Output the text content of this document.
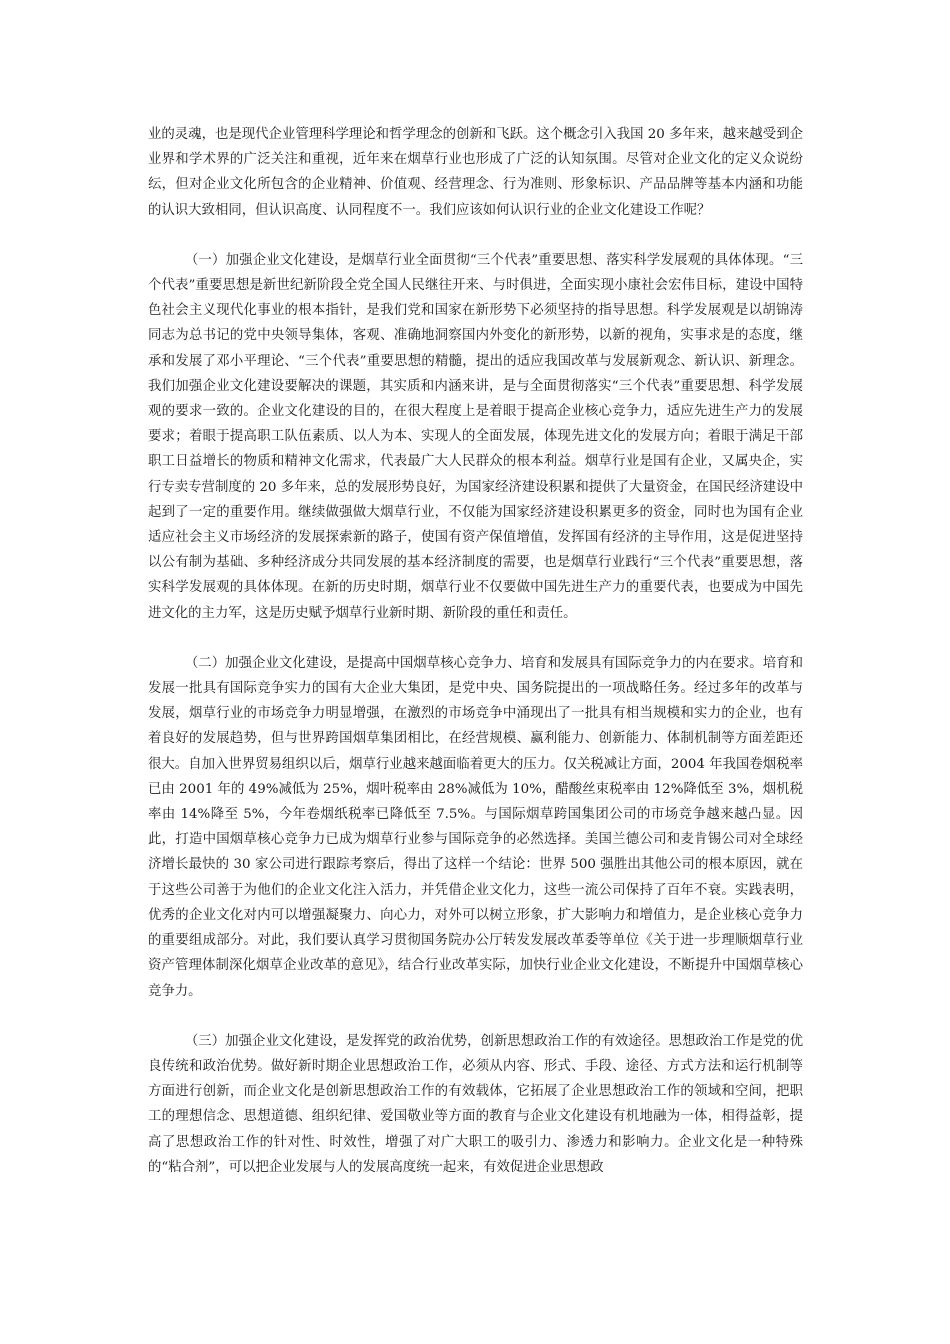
业的灵魂，也是现代企业管理科学理论和哲学理念的创新和飞跃。这个概念引入我国 20 多年来，越来越受到企业界和学术界的广泛关注和重视，近年来在烟草行业也形成了广泛的认知氛围。尽管对企业文化的定义众说纷纭，但对企业文化所包含的企业精神、价值观、经营理念、行为准则、形象标识、产品品牌等基本内涵和功能的认识大致相同，但认识高度、认同程度不一。我们应该如何认识行业的企业文化建设工作呢？

（一）加强企业文化建设，是烟草行业全面贯彻“三个代表”重要思想、落实科学发展观的具体体现。“三个代表”重要思想是新世纪新阶段全党全国人民继往开来、与时俱进，全面实现小康社会宏伟目标，建设中国特色社会主义现代化事业的根本指针，是我们党和国家在新形势下必须坚持的指导思想。科学发展观是以胡锦涛同志为总书记的党中央领导集体，客观、准确地洞察国内外变化的新形势，以新的视角，实事求是的态度，继承和发展了邓小平理论、“三个代表”重要思想的精髓，提出的适应我国改革与发展新观念、新认识、新理念。我们加强企业文化建设要解决的课题，其实质和内涵来讲，是与全面贯彻落实“三个代表”重要思想、科学发展观的要求一致的。企业文化建设的目的，在很大程度上是着眼于提高企业核心竞争力，适应先进生产力的发展要求；着眼于提高职工队伍素质、以人为本、实现人的全面发展，体现先进文化的发展方向；着眼于满足干部职工日益增长的物质和精神文化需求，代表最广大人民群众的根本利益。烟草行业是国有企业，又属央企，实行专卖专营制度的 20 多年来，总的发展形势良好，为国家经济建设积累和提供了大量资金，在国民经济建设中起到了一定的重要作用。继续做强做大烟草行业，不仅能为国家经济建设积累更多的资金，同时也为国有企业适应社会主义市场经济的发展探索新的路子，使国有资产保值增值，发挥国有经济的主导作用，这是促进坚持以公有制为基础、多种经济成分共同发展的基本经济制度的需要，也是烟草行业践行“三个代表”重要思想，落实科学发展观的具体体现。在新的历史时期，烟草行业不仅要做中国先进生产力的重要代表，也要成为中国先进文化的主力军，这是历史赋予烟草行业新时期、新阶段的重任和责任。

（二）加强企业文化建设，是提高中国烟草核心竞争力、培育和发展具有国际竞争力的内在要求。培育和发展一批具有国际竞争实力的国有大企业大集团，是党中央、国务院提出的一项战略任务。经过多年的改革与发展，烟草行业的市场竞争力明显增强，在激烈的市场竞争中涌现出了一批具有相当规模和实力的企业，也有着良好的发展趋势，但与世界跨国烟草集团相比，在经营规模、赢利能力、创新能力、体制机制等方面差距还很大。自加入世界贸易组织以后，烟草行业越来越面临着更大的压力。仅关税减让方面，2004 年我国卷烟税率已由 2001 年的 49%减低为 25%，烟叶税率由 28%减低为 10%，醋酸丝束税率由 12%降低至 3%，烟机税率由 14%降至 5%，今年卷烟纸税率已降低至 7.5%。与国际烟草跨国集团公司的市场竞争越来越凸显。因此，打造中国烟草核心竞争力已成为烟草行业参与国际竞争的必然选择。美国兰德公司和麦肯锡公司对全球经济增长最快的 30 家公司进行跟踪考察后，得出了这样一个结论：世界 500 强胜出其他公司的根本原因，就在于这些公司善于为他们的企业文化注入活力，并凭借企业文化力，这些一流公司保持了百年不衰。实践表明，优秀的企业文化对内可以增强凝聚力、向心力，对外可以树立形象，扩大影响力和增值力，是企业核心竞争力的重要组成部分。对此，我们要认真学习贯彻国务院办公厅转发发展改革委等单位《关于进一步理顺烟草行业资产管理体制深化烟草企业改革的意见》，结合行业改革实际，加快行业企业文化建设，不断提升中国烟草核心竞争力。

（三）加强企业文化建设，是发挥党的政治优势，创新思想政治工作的有效途径。思想政治工作是党的优良传统和政治优势。做好新时期企业思想政治工作，必须从内容、形式、手段、途径、方式方法和运行机制等方面进行创新，而企业文化是创新思想政治工作的有效载体，它拓展了企业思想政治工作的领域和空间，把职工的理想信念、思想道德、组织纪律、爱国敬业等方面的教育与企业文化建设有机地融为一体，相得益彰，提高了思想政治工作的针对性、时效性，增强了对广大职工的吸引力、渗透力和影响力。企业文化是一种特殊的“粘合剂”，可以把企业发展与人的发展高度统一起来，有效促进企业思想政
